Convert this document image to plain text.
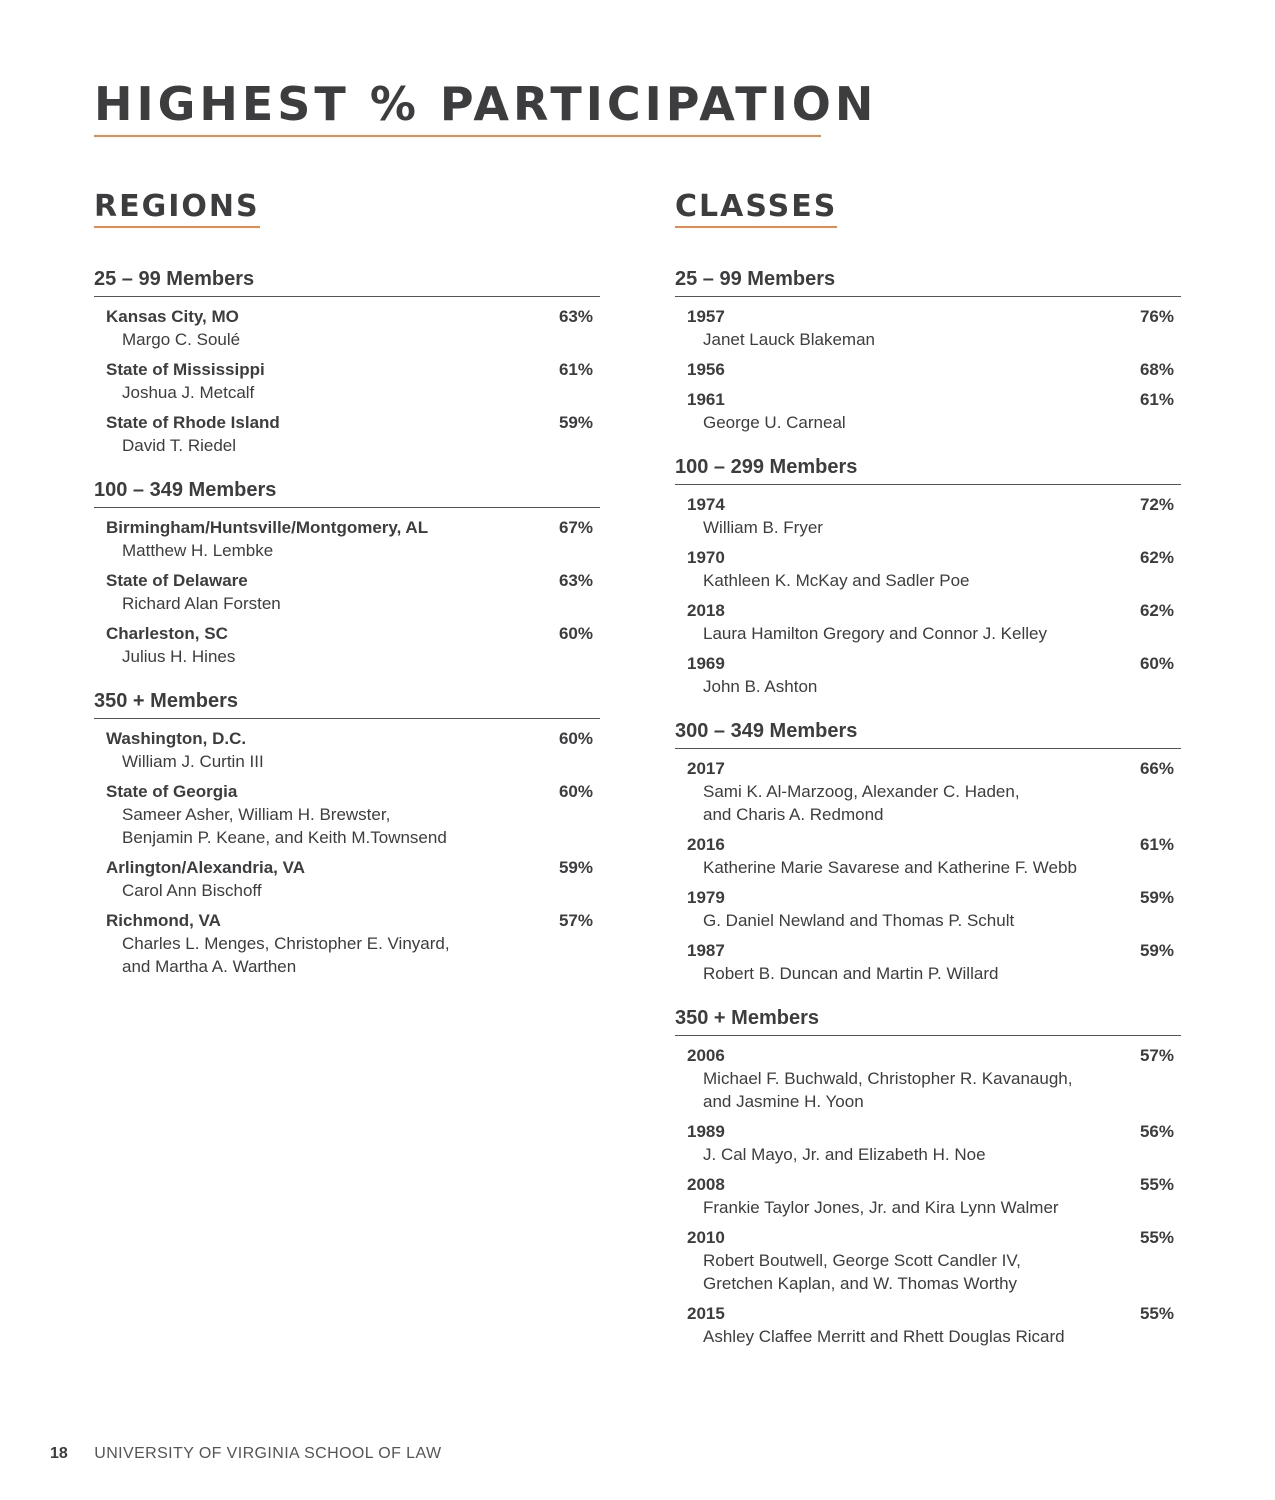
HIGHEST % PARTICIPATION
REGIONS
25 – 99 Members
Kansas City, MO	63%
Margo C. Soulé
State of Mississippi	61%
Joshua J. Metcalf
State of Rhode Island	59%
David T. Riedel
100 – 349 Members
Birmingham/Huntsville/Montgomery, AL	67%
Matthew H. Lembke
State of Delaware	63%
Richard Alan Forsten
Charleston, SC	60%
Julius H. Hines
350 + Members
Washington, D.C.	60%
William J. Curtin III
State of Georgia	60%
Sameer Asher, William H. Brewster,
Benjamin P. Keane, and Keith M.Townsend
Arlington/Alexandria, VA	59%
Carol Ann Bischoff
Richmond, VA	57%
Charles L. Menges, Christopher E. Vinyard,
and Martha A. Warthen
CLASSES
25 – 99 Members
1957	76%
Janet Lauck Blakeman
1956	68%
1961	61%
George U. Carneal
100 – 299 Members
1974	72%
William B. Fryer
1970	62%
Kathleen K. McKay and Sadler Poe
2018	62%
Laura Hamilton Gregory and Connor J. Kelley
1969	60%
John B. Ashton
300 – 349 Members
2017	66%
Sami K. Al-Marzoog, Alexander C. Haden,
and Charis A. Redmond
2016	61%
Katherine Marie Savarese and Katherine F. Webb
1979	59%
G. Daniel Newland and Thomas P. Schult
1987	59%
Robert B. Duncan and Martin P. Willard
350 + Members
2006	57%
Michael F. Buchwald, Christopher R. Kavanaugh,
and Jasmine H. Yoon
1989	56%
J. Cal Mayo, Jr. and Elizabeth H. Noe
2008	55%
Frankie Taylor Jones, Jr. and Kira Lynn Walmer
2010	55%
Robert Boutwell, George Scott Candler IV,
Gretchen Kaplan, and W. Thomas Worthy
2015	55%
Ashley Claffee Merritt and Rhett Douglas Ricard
18 UNIVERSITY OF VIRGINIA SCHOOL OF LAW
